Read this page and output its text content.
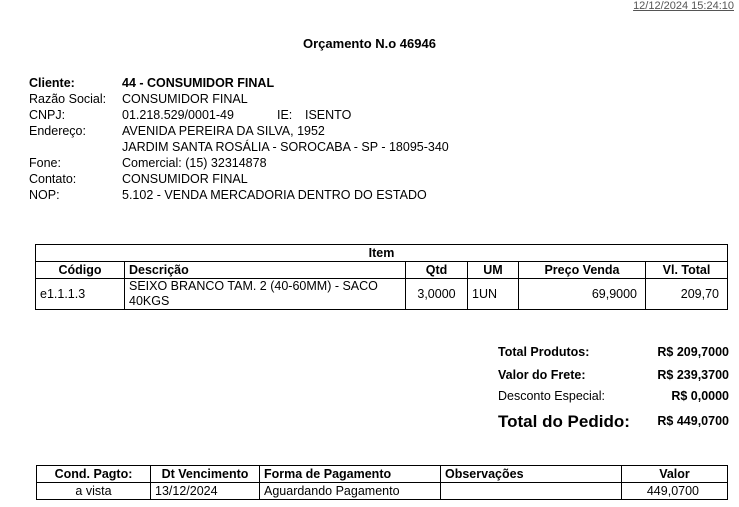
12/12/2024 15:24:10
Orçamento N.o 46946
Cliente:	44 - CONSUMIDOR FINAL
Razão Social: CONSUMIDOR FINAL
CNPJ:	01.218.529/0001-49	IE: ISENTO
Endereço:	AVENIDA PEREIRA DA SILVA, 1952
JARDIM SANTA ROSÁLIA - SOROCABA - SP - 18095-340
Fone:	Comercial: (15) 32314878
Contato:	CONSUMIDOR FINAL
NOP:	5.102 - VENDA MERCADORIA DENTRO DO ESTADO
Item					
Código	Descrição	Qtd	UM	Preço Venda	Vl. Total
e1.1.1.3	SEIXO BRANCO TAM. 2 (40-60MM) - SACO 40KGS	3,0000	1UN	69,9000	209,70
Total Produtos:	R$ 209,7000
Valor do Frete:	R$ 239,3700
Desconto Especial:	R$ 0,0000
Total do Pedido: R$ 449,0700
Cond. Pagto:	Dt Vencimento	Forma de Pagamento	Observações	Valor
a vista	13/12/2024	Aguardando Pagamento		449,0700
